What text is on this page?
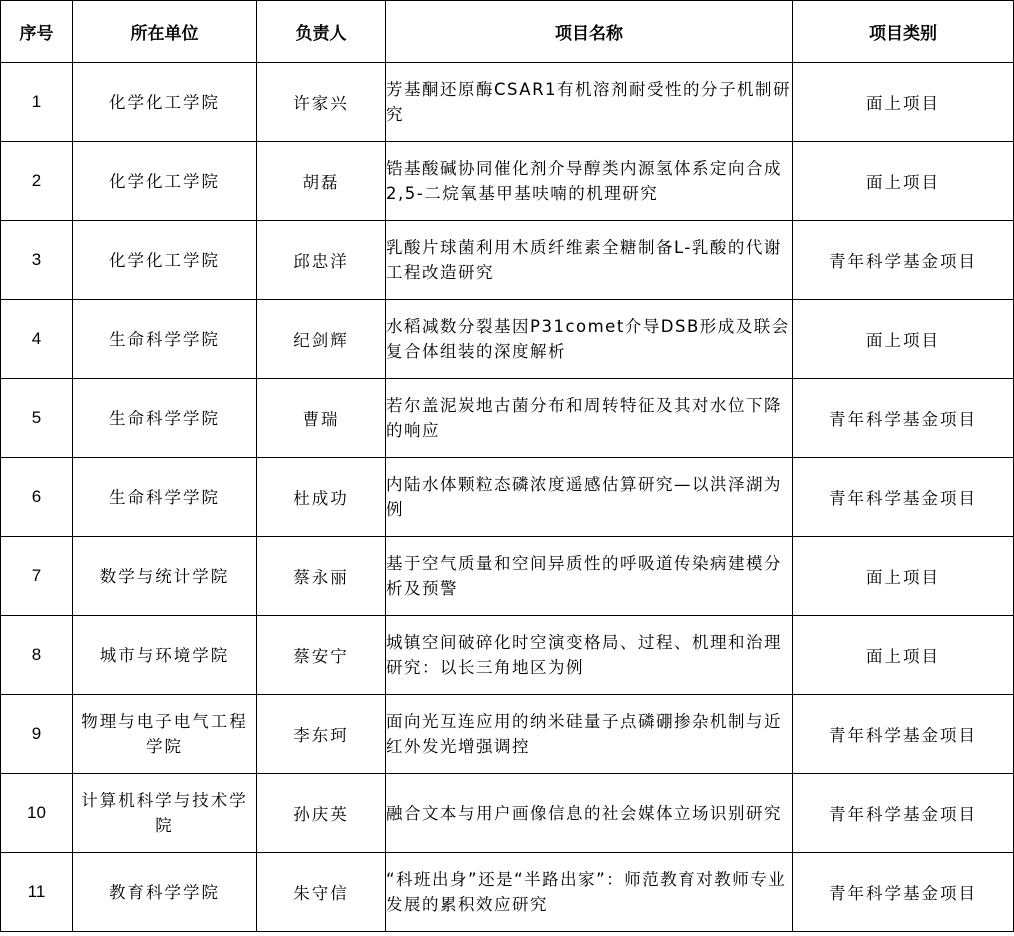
序号	所在单位	负责人	项目名称	项目类别
1	化学化工学院	许家兴	芳基酮还原酶CSAR1有机溶剂耐受性的分子机制研究	面上项目
2	化学化工学院	胡磊	锆基酸碱协同催化剂介导醇类内源氢体系定向合成2,5-二烷氧基甲基呋喃的机理研究	面上项目
3	化学化工学院	邱忠洋	乳酸片球菌利用木质纤维素全糖制备L-乳酸的代谢工程改造研究	青年科学基金项目
4	生命科学学院	纪剑辉	水稻减数分裂基因P31comet介导DSB形成及联会复合体组装的深度解析	面上项目
5	生命科学学院	曹瑞	若尔盖泥炭地古菌分布和周转特征及其对水位下降的响应	青年科学基金项目
6	生命科学学院	杜成功	内陆水体颗粒态磷浓度遥感估算研究—以洪泽湖为例	青年科学基金项目
7	数学与统计学院	蔡永丽	基于空气质量和空间异质性的呼吸道传染病建模分析及预警	面上项目
8	城市与环境学院	蔡安宁	城镇空间破碎化时空演变格局、过程、机理和治理研究：以长三角地区为例	面上项目
9	物理与电子电气工程学院	李东珂	面向光互连应用的纳米硅量子点磷硼掺杂机制与近红外发光增强调控	青年科学基金项目
10	计算机科学与技术学院	孙庆英	融合文本与用户画像信息的社会媒体立场识别研究	青年科学基金项目
11	教育科学学院	朱守信	“科班出身”还是“半路出家”：师范教育对教师专业发展的累积效应研究	青年科学基金项目
